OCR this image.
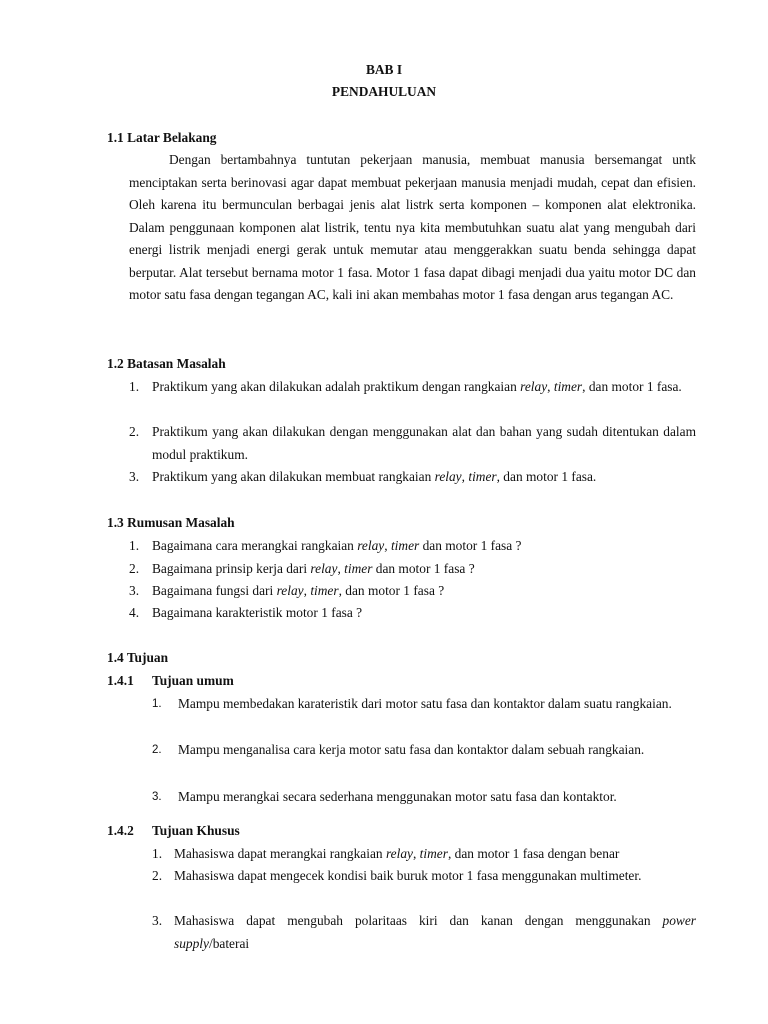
BAB I
PENDAHULUAN
1.1 Latar Belakang

Dengan bertambahnya tuntutan pekerjaan manusia, membuat manusia bersemangat untk menciptakan serta berinovasi agar dapat membuat pekerjaan manusia menjadi mudah, cepat dan efisien. Oleh karena itu bermunculan berbagai jenis alat listrk serta komponen – komponen alat elektronika. Dalam penggunaan komponen alat listrik, tentu nya kita membutuhkan suatu alat yang mengubah dari energi listrik menjadi energi gerak untuk memutar atau menggerakkan suatu benda sehingga dapat berputar. Alat tersebut bernama motor 1 fasa. Motor 1 fasa dapat dibagi menjadi dua yaitu motor DC dan motor satu fasa dengan tegangan AC, kali ini akan membahas motor 1 fasa dengan arus tegangan AC.

1.2 Batasan Masalah
1. Praktikum yang akan dilakukan adalah praktikum dengan rangkaian relay, timer, dan motor 1 fasa.
2. Praktikum yang akan dilakukan dengan menggunakan alat dan bahan yang sudah ditentukan dalam modul praktikum.
3. Praktikum yang akan dilakukan membuat rangkaian relay, timer, dan motor 1 fasa.
1.3 Rumusan Masalah
1. Bagaimana cara merangkai rangkaian relay, timer dan motor 1 fasa ?
2. Bagaimana prinsip kerja dari relay, timer dan motor 1 fasa ?
3. Bagaimana fungsi dari relay, timer, dan motor 1 fasa ?
4. Bagaimana karakteristik motor 1 fasa ?
1.4 Tujuan
1.4.1 Tujuan umum
1. Mampu membedakan karateristik dari motor satu fasa dan kontaktor dalam suatu rangkaian.
2. Mampu menganalisa cara kerja motor satu fasa dan kontaktor dalam sebuah rangkaian.
3. Mampu merangkai secara sederhana menggunakan motor satu fasa dan kontaktor.
1.4.2 Tujuan Khusus
1. Mahasiswa dapat merangkai rangkaian relay, timer, dan motor 1 fasa dengan benar
2. Mahasiswa dapat mengecek kondisi baik buruk motor 1 fasa menggunakan multimeter.
3. Mahasiswa dapat mengubah polaritaas kiri dan kanan dengan menggunakan power supply/baterai
